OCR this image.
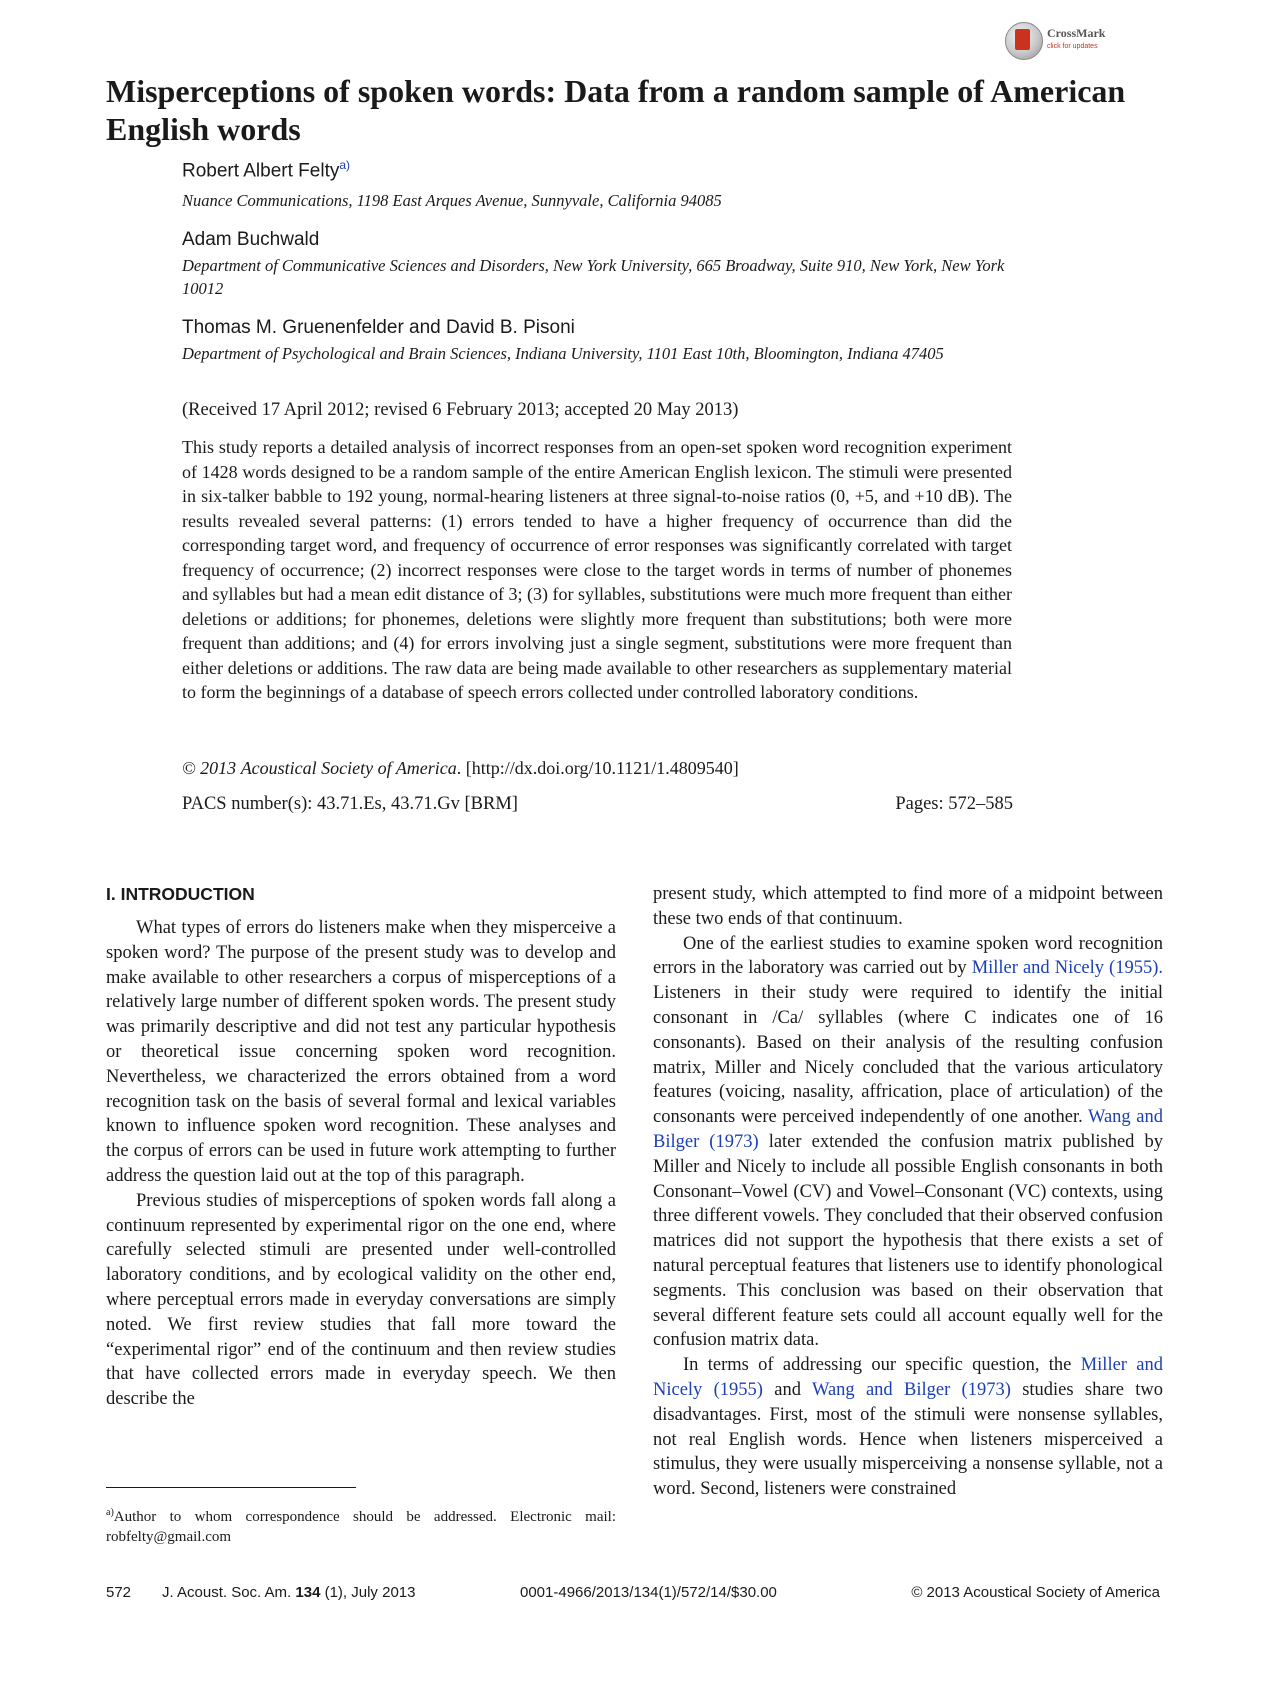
CrossMark
click for updates
Misperceptions of spoken words: Data from a random sample of American English words
Robert Albert Felty$^{a)}$
Nuance Communications, 1198 East Arques Avenue, Sunnyvale, California 94085
Adam Buchwald
Department of Communicative Sciences and Disorders, New York University, 665 Broadway, Suite 910, New York, New York 10012
Thomas M. Gruenenfelder and David B. Pisoni
Department of Psychological and Brain Sciences, Indiana University, 1101 East 10th, Bloomington, Indiana 47405
(Received 17 April 2012; revised 6 February 2013; accepted 20 May 2013)

This study reports a detailed analysis of incorrect responses from an open-set spoken word recognition experiment of 1428 words designed to be a random sample of the entire American English lexicon. The stimuli were presented in six-talker babble to 192 young, normal-hearing listeners at three signal-to-noise ratios (0, +5, and +10 dB). The results revealed several patterns: (1) errors tended to have a higher frequency of occurrence than did the corresponding target word, and frequency of occurrence of error responses was significantly correlated with target frequency of occurrence; (2) incorrect responses were close to the target words in terms of number of phonemes and syllables but had a mean edit distance of 3; (3) for syllables, substitutions were much more frequent than either deletions or additions; for phonemes, deletions were slightly more frequent than substitutions; both were more frequent than additions; and (4) for errors involving just a single segment, substitutions were more frequent than either deletions or additions. The raw data are being made available to other researchers as supplementary material to form the beginnings of a database of speech errors collected under controlled laboratory conditions.

© 2013 Acoustical Society of America. [http://dx.doi.org/10.1121/1.4809540]
PACS number(s): 43.71.Es, 43.71.Gv [BRM]	Pages: 572–585
I. INTRODUCTION

What types of errors do listeners make when they misperceive a spoken word? The purpose of the present study was to develop and make available to other researchers a corpus of misperceptions of a relatively large number of different spoken words. The present study was primarily descriptive and did not test any particular hypothesis or theoretical issue concerning spoken word recognition. Nevertheless, we characterized the errors obtained from a word recognition task on the basis of several formal and lexical variables known to influence spoken word recognition. These analyses and the corpus of errors can be used in future work attempting to further address the question laid out at the top of this paragraph.

Previous studies of misperceptions of spoken words fall along a continuum represented by experimental rigor on the one end, where carefully selected stimuli are presented under well-controlled laboratory conditions, and by ecological validity on the other end, where perceptual errors made in everyday conversations are simply noted. We first review studies that fall more toward the “experimental rigor” end of the continuum and then review studies that have collected errors made in everyday speech. We then describe the

present study, which attempted to find more of a midpoint between these two ends of that continuum.

One of the earliest studies to examine spoken word recognition errors in the laboratory was carried out by Miller and Nicely (1955). Listeners in their study were required to identify the initial consonant in /Ca/ syllables (where C indicates one of 16 consonants). Based on their analysis of the resulting confusion matrix, Miller and Nicely concluded that the various articulatory features (voicing, nasality, affrication, place of articulation) of the consonants were perceived independently of one another. Wang and Bilger (1973) later extended the confusion matrix published by Miller and Nicely to include all possible English consonants in both Consonant–Vowel (CV) and Vowel–Consonant (VC) contexts, using three different vowels. They concluded that their observed confusion matrices did not support the hypothesis that there exists a set of natural perceptual features that listeners use to identify phonological segments. This conclusion was based on their observation that several different feature sets could all account equally well for the confusion matrix data.

In terms of addressing our specific question, the Miller and Nicely (1955) and Wang and Bilger (1973) studies share two disadvantages. First, most of the stimuli were nonsense syllables, not real English words. Hence when listeners misperceived a stimulus, they were usually misperceiving a nonsense syllable, not a word. Second, listeners were constrained

$^{a)}$Author to whom correspondence should be addressed. Electronic mail: robfelty@gmail.com
572 J. Acoust. Soc. Am. 134 (1), July 2013	0001-4966/2013/134(1)/572/14/$30.00	© 2013 Acoustical Society of America
